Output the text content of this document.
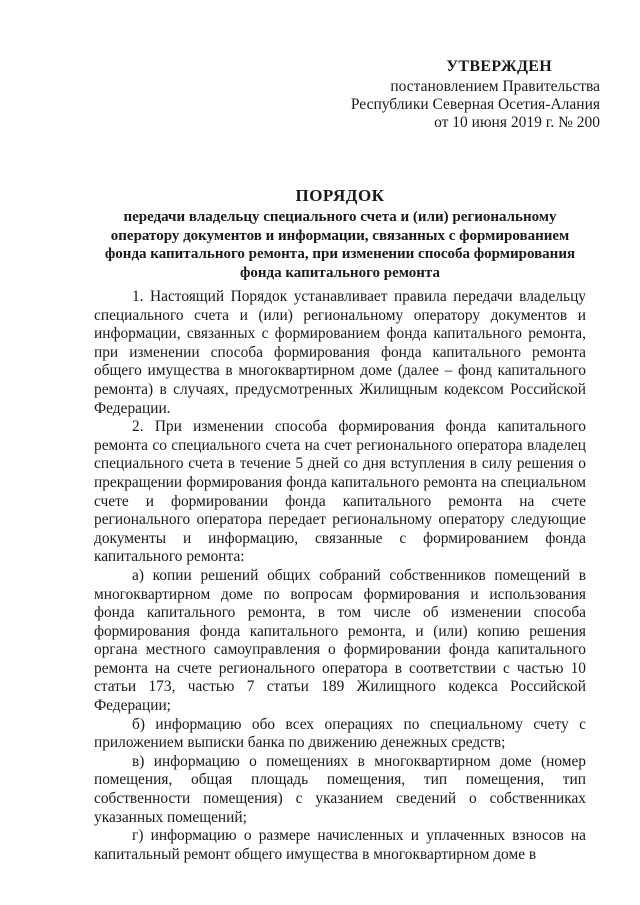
УТВЕРЖДЕН
постановлением Правительства
Республики Северная Осетия-Алания
от 10 июня 2019 г. № 200
ПОРЯДОК
передачи владельцу специального счета и (или) региональному
оператору документов и информации, связанных с формированием
фонда капитального ремонта, при изменении способа формирования
фонда капитального ремонта

1. Настоящий Порядок устанавливает правила передачи владельцу специального счета и (или) региональному оператору документов и информации, связанных с формированием фонда капитального ремонта, при изменении способа формирования фонда капитального ремонта общего имущества в многоквартирном доме (далее – фонд капитального ремонта) в случаях, предусмотренных Жилищным кодексом Российской Федерации.

2. При изменении способа формирования фонда капитального ремонта со специального счета на счет регионального оператора владелец специального счета в течение 5 дней со дня вступления в силу решения о прекращении формирования фонда капитального ремонта на специальном счете и формировании фонда капитального ремонта на счете регионального оператора передает региональному оператору следующие документы и информацию, связанные с формированием фонда капитального ремонта:

а) копии решений общих собраний собственников помещений в многоквартирном доме по вопросам формирования и использования фонда капитального ремонта, в том числе об изменении способа формирования фонда капитального ремонта, и (или) копию решения органа местного самоуправления о формировании фонда капитального ремонта на счете регионального оператора в соответствии с частью 10 статьи 173, частью 7 статьи 189 Жилищного кодекса Российской Федерации;

б) информацию обо всех операциях по специальному счету с приложением выписки банка по движению денежных средств;

в) информацию о помещениях в многоквартирном доме (номер помещения, общая площадь помещения, тип помещения, тип собственности помещения) с указанием сведений о собственниках указанных помещений;

г) информацию о размере начисленных и уплаченных взносов на капитальный ремонт общего имущества в многоквартирном доме в
